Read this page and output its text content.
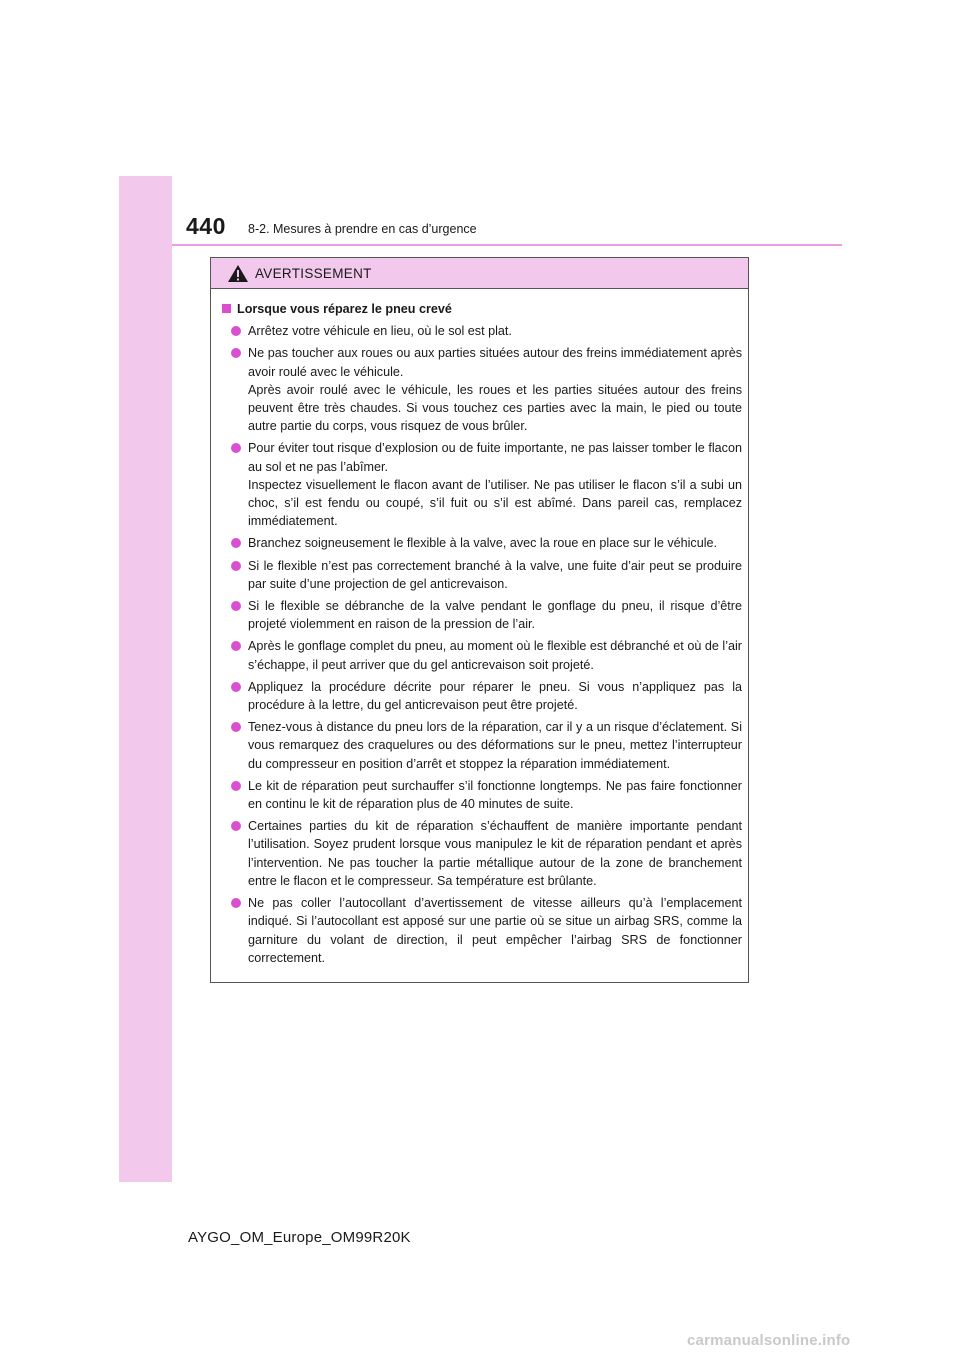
440 8-2. Mesures à prendre en cas d’urgence
AVERTISSEMENT
Lorsque vous réparez le pneu crevé
Arrêtez votre véhicule en lieu, où le sol est plat.
Ne pas toucher aux roues ou aux parties situées autour des freins immédiatement après avoir roulé avec le véhicule.
Après avoir roulé avec le véhicule, les roues et les parties situées autour des freins peuvent être très chaudes. Si vous touchez ces parties avec la main, le pied ou toute autre partie du corps, vous risquez de vous brûler.
Pour éviter tout risque d’explosion ou de fuite importante, ne pas laisser tomber le flacon au sol et ne pas l’abîmer.
Inspectez visuellement le flacon avant de l’utiliser. Ne pas utiliser le flacon s’il a subi un choc, s’il est fendu ou coupé, s’il fuit ou s’il est abîmé. Dans pareil cas, remplacez immédiatement.
Branchez soigneusement le flexible à la valve, avec la roue en place sur le véhicule.
Si le flexible n’est pas correctement branché à la valve, une fuite d’air peut se produire par suite d’une projection de gel anticrevaison.
Si le flexible se débranche de la valve pendant le gonflage du pneu, il risque d’être projeté violemment en raison de la pression de l’air.
Après le gonflage complet du pneu, au moment où le flexible est débranché et où de l’air s’échappe, il peut arriver que du gel anticrevaison soit projeté.
Appliquez la procédure décrite pour réparer le pneu. Si vous n’appliquez pas la procédure à la lettre, du gel anticrevaison peut être projeté.
Tenez-vous à distance du pneu lors de la réparation, car il y a un risque d’éclatement. Si vous remarquez des craquelures ou des déformations sur le pneu, mettez l’interrupteur du compresseur en position d’arrêt et stoppez la réparation immédiatement.
Le kit de réparation peut surchauffer s’il fonctionne longtemps. Ne pas faire fonctionner en continu le kit de réparation plus de 40 minutes de suite.
Certaines parties du kit de réparation s’échauffent de manière importante pendant l’utilisation. Soyez prudent lorsque vous manipulez le kit de réparation pendant et après l’intervention. Ne pas toucher la partie métallique autour de la zone de branchement entre le flacon et le compresseur. Sa température est brûlante.
Ne pas coller l’autocollant d’avertissement de vitesse ailleurs qu’à l’emplacement indiqué. Si l’autocollant est apposé sur une partie où se situe un airbag SRS, comme la garniture du volant de direction, il peut empêcher l’airbag SRS de fonctionner correctement.
AYGO_OM_Europe_OM99R20K
carmanualsonline.info
